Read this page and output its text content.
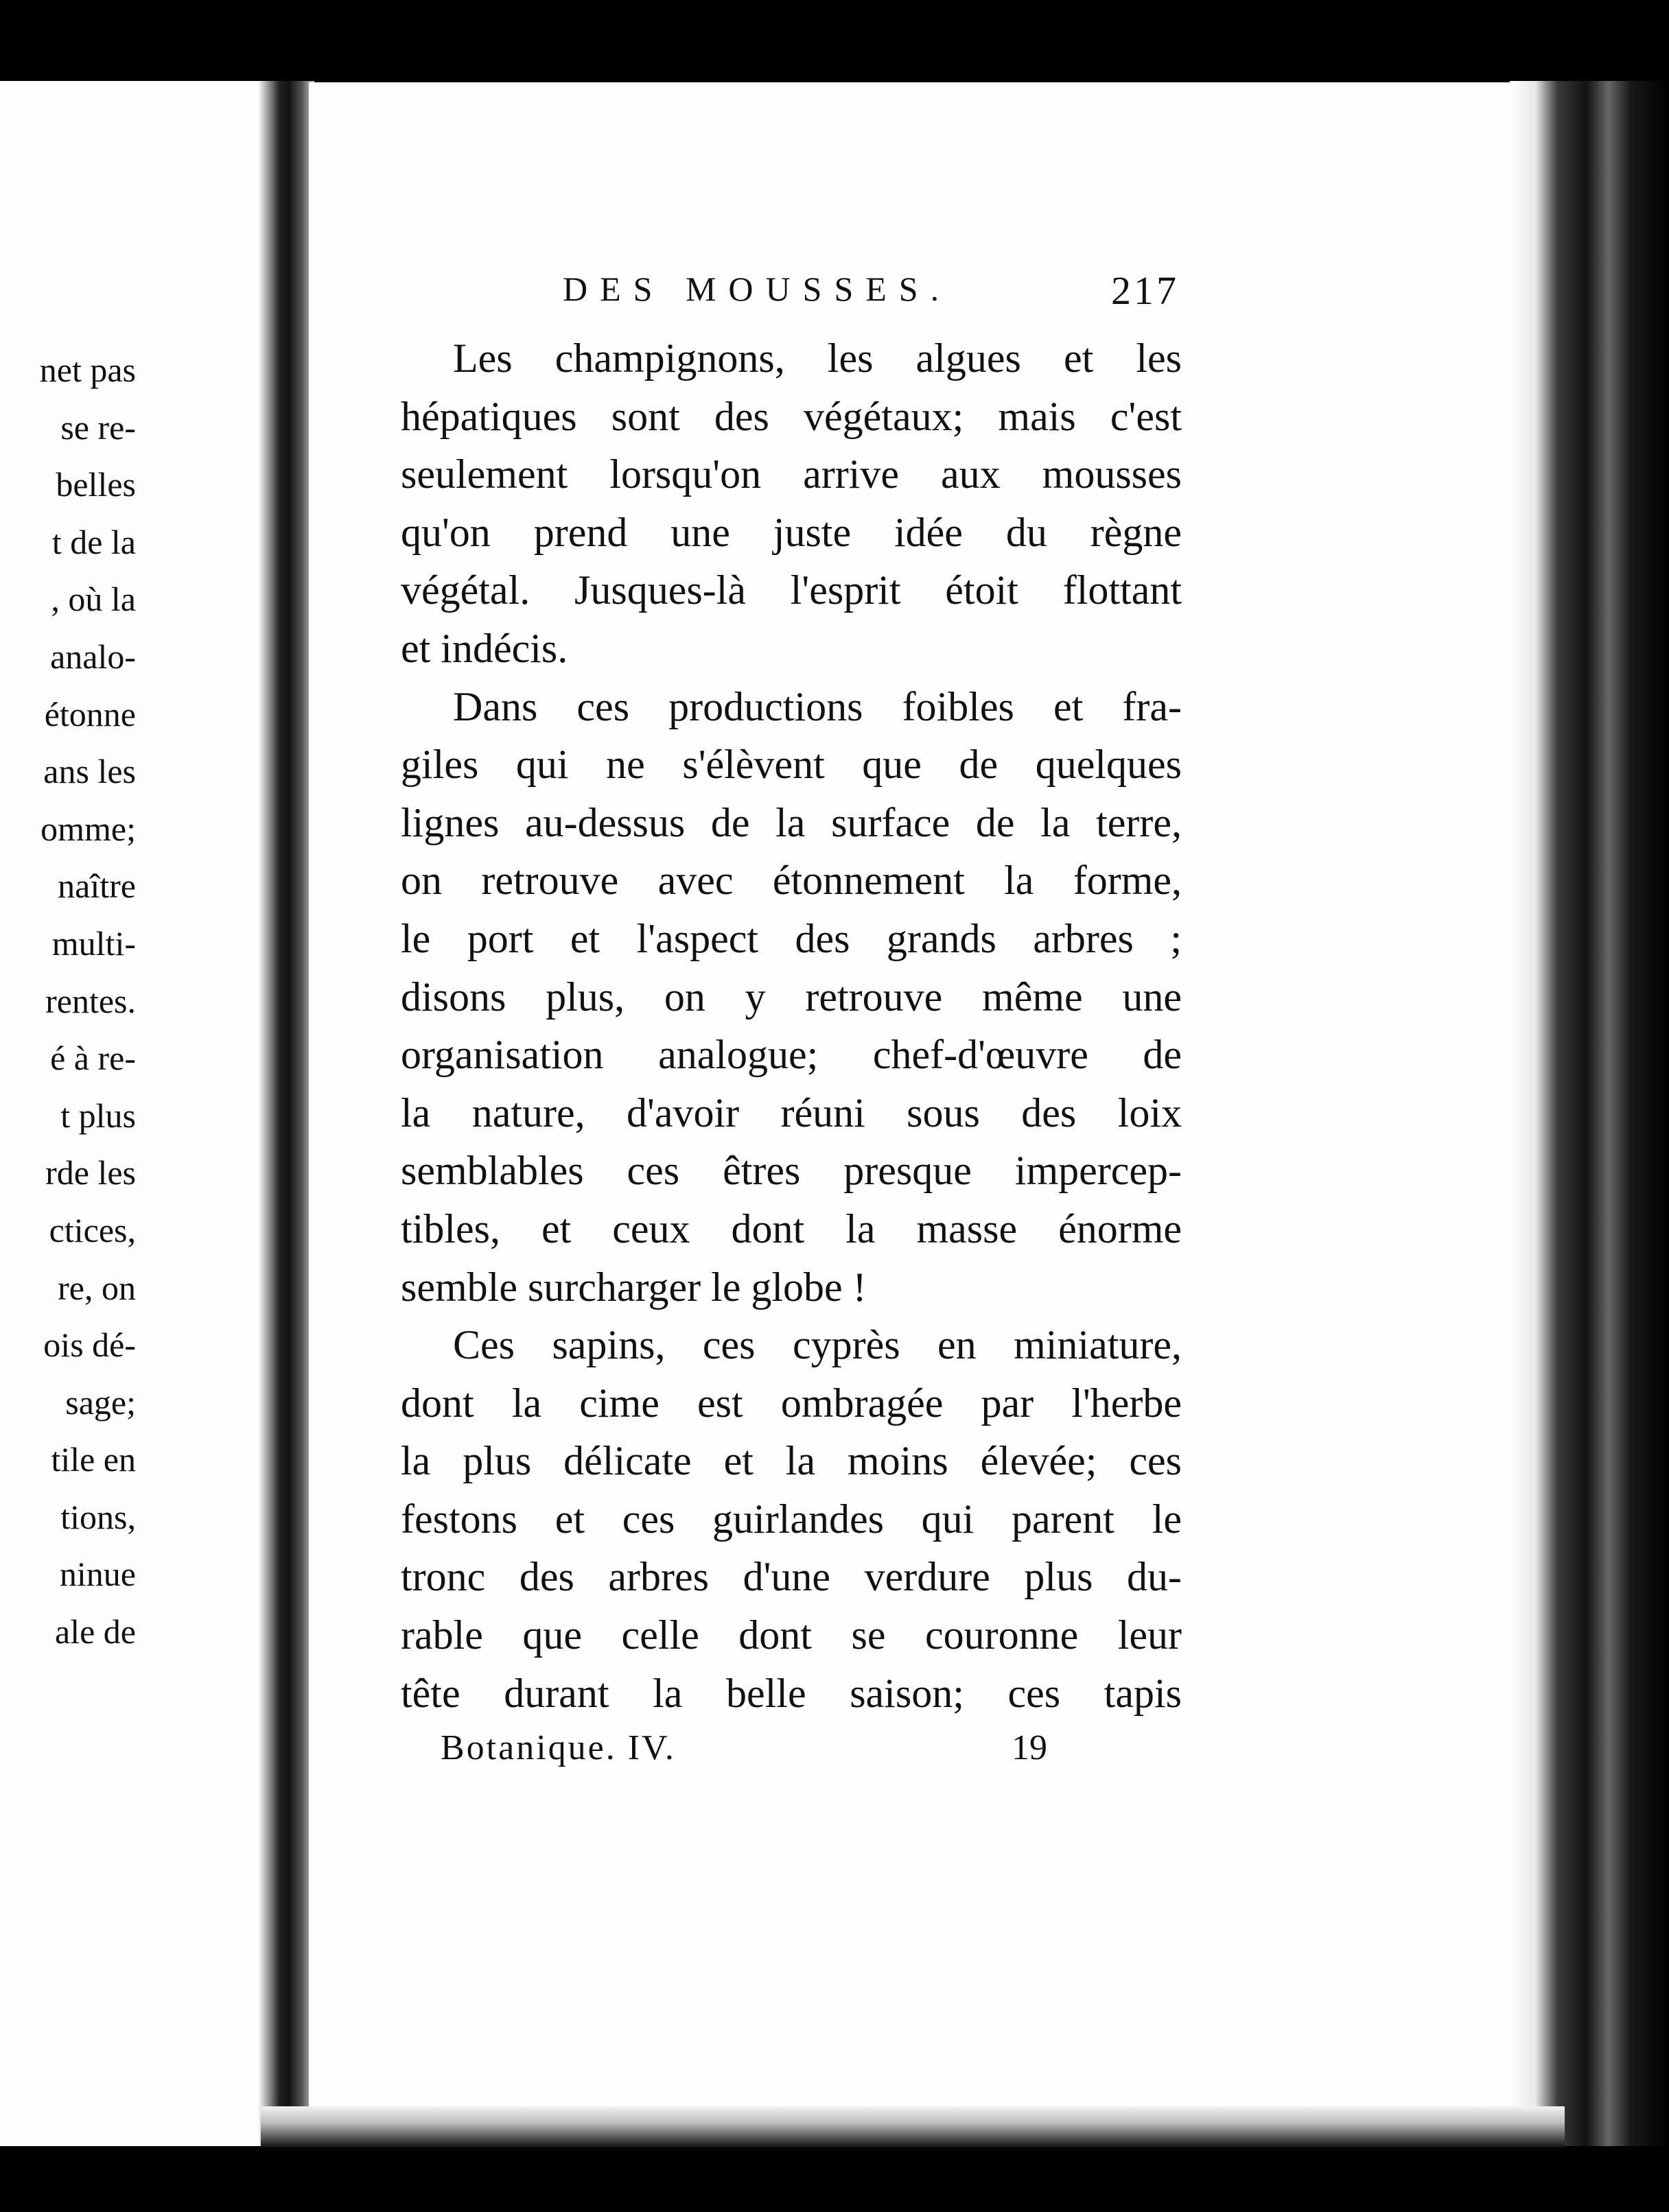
net pas
se re-
belles
t de la
, où la
analo-
étonne
ans les
omme;
naître
multi-
rentes.
é à re-
t plus
rde les
ctices,
re, on
ois dé-
sage;
tile en
tions,
ninue
ale de
DES MOUSSES.	217
Les champignons, les algues et les
hépatiques sont des végétaux; mais c'est
seulement lorsqu'on arrive aux mousses
qu'on prend une juste idée du règne
végétal. Jusques-là l'esprit étoit flottant
et indécis.
Dans ces productions foibles et fra-
giles qui ne s'élèvent que de quelques
lignes au-dessus de la surface de la terre,
on retrouve avec étonnement la forme,
le port et l'aspect des grands arbres ;
disons plus, on y retrouve même une
organisation analogue; chef-d'œuvre de
la nature, d'avoir réuni sous des loix
semblables ces êtres presque impercep-
tibles, et ceux dont la masse énorme
semble surcharger le globe !
Ces sapins, ces cyprès en miniature,
dont la cime est ombragée par l'herbe
la plus délicate et la moins élevée; ces
festons et ces guirlandes qui parent le
tronc des arbres d'une verdure plus du-
rable que celle dont se couronne leur
tête durant la belle saison; ces tapis
Botanique. IV.	19
